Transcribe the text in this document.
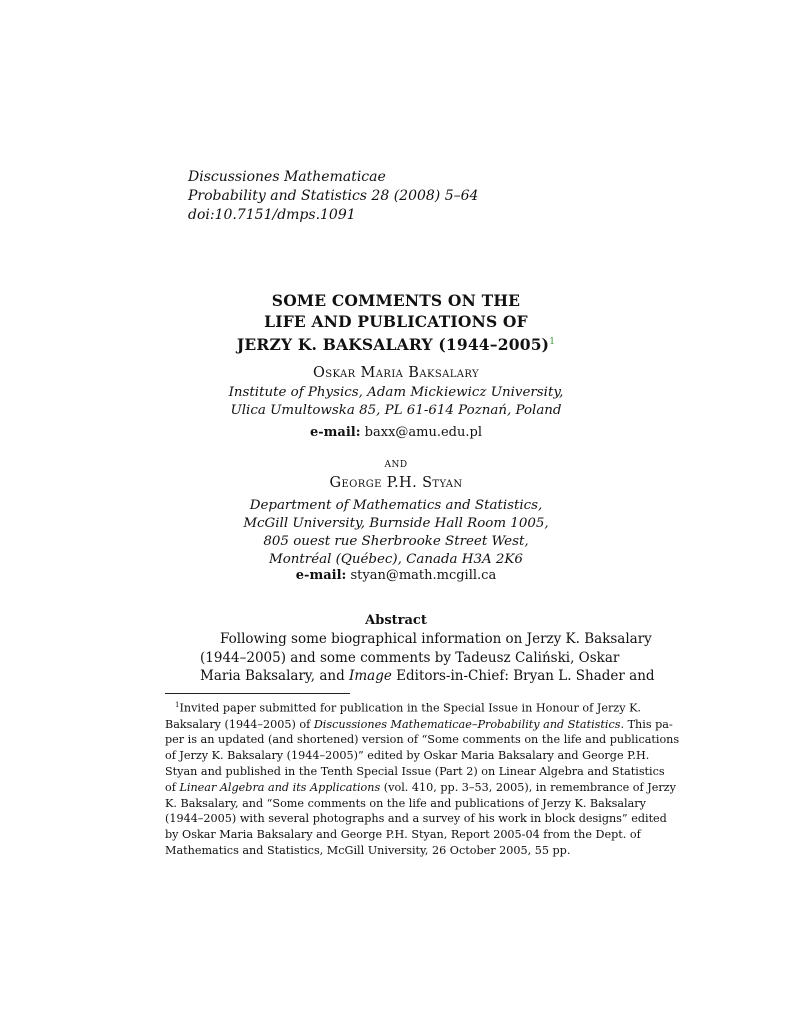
Discussiones Mathematicae
Probability and Statistics 28 (2008) 5–64
doi:10.7151/dmps.1091
SOME COMMENTS ON THE
LIFE AND PUBLICATIONS OF
JERZY K. BAKSALARY (1944–2005)$^1$
Oskar Maria Baksalary
Institute of Physics, Adam Mickiewicz University,
Ulica Umultowska 85, PL 61-614 Poznań, Poland
e-mail: baxx@amu.edu.pl
and
George P.H. Styan
Department of Mathematics and Statistics,
McGill University, Burnside Hall Room 1005,
805 ouest rue Sherbrooke Street West,
Montréal (Québec), Canada H3A 2K6
e-mail: styan@math.mcgill.ca
Abstract
Following some biographical information on Jerzy K. Baksalary
(1944–2005) and some comments by Tadeusz Caliński, Oskar
Maria Baksalary, and Image Editors-in-Chief: Bryan L. Shader and
$^1$Invited paper submitted for publication in the Special Issue in Honour of Jerzy K.
Baksalary (1944–2005) of Discussiones Mathematicae–Probability and Statistics. This pa-
per is an updated (and shortened) version of “Some comments on the life and publications
of Jerzy K. Baksalary (1944–2005)” edited by Oskar Maria Baksalary and George P.H.
Styan and published in the Tenth Special Issue (Part 2) on Linear Algebra and Statistics
of Linear Algebra and its Applications (vol. 410, pp. 3–53, 2005), in remembrance of Jerzy
K. Baksalary, and “Some comments on the life and publications of Jerzy K. Baksalary
(1944–2005) with several photographs and a survey of his work in block designs” edited
by Oskar Maria Baksalary and George P.H. Styan, Report 2005-04 from the Dept. of
Mathematics and Statistics, McGill University, 26 October 2005, 55 pp.
